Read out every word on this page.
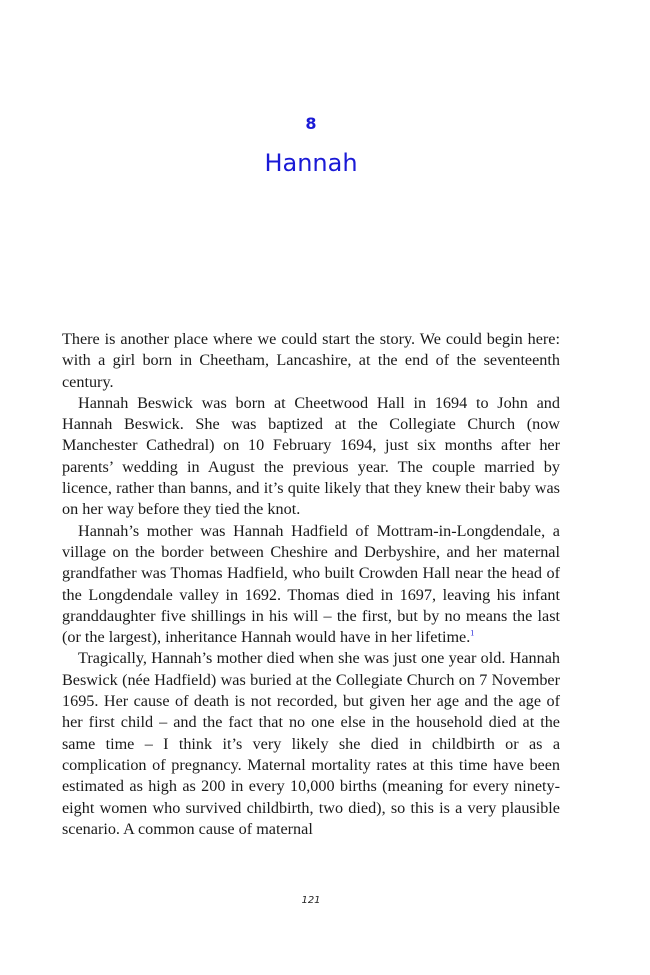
8
Hannah

There is another place where we could start the story. We could begin here: with a girl born in Cheetham, Lancashire, at the end of the seventeenth century.

Hannah Beswick was born at Cheetwood Hall in 1694 to John and Hannah Beswick. She was baptized at the Collegiate Church (now Manchester Cathedral) on 10 February 1694, just six months after her parents’ wedding in August the previous year. The couple married by licence, rather than banns, and it’s quite likely that they knew their baby was on her way before they tied the knot.

Hannah’s mother was Hannah Hadfield of Mottram-in-Longdendale, a village on the border between Cheshire and Derbyshire, and her maternal grandfather was Thomas Hadfield, who built Crowden Hall near the head of the Longdendale valley in 1692. Thomas died in 1697, leaving his infant granddaughter five shillings in his will – the first, but by no means the last (or the largest), inheritance Hannah would have in her lifetime.$^1$

Tragically, Hannah’s mother died when she was just one year old. Hannah Beswick (née Hadfield) was buried at the Collegiate Church on 7 November 1695. Her cause of death is not recorded, but given her age and the age of her first child – and the fact that no one else in the household died at the same time – I think it’s very likely she died in childbirth or as a complication of pregnancy. Maternal mortality rates at this time have been estimated as high as 200 in every 10,000 births (meaning for every ninety-eight women who survived childbirth, two died), so this is a very plausible scenario. A common cause of maternal

121
